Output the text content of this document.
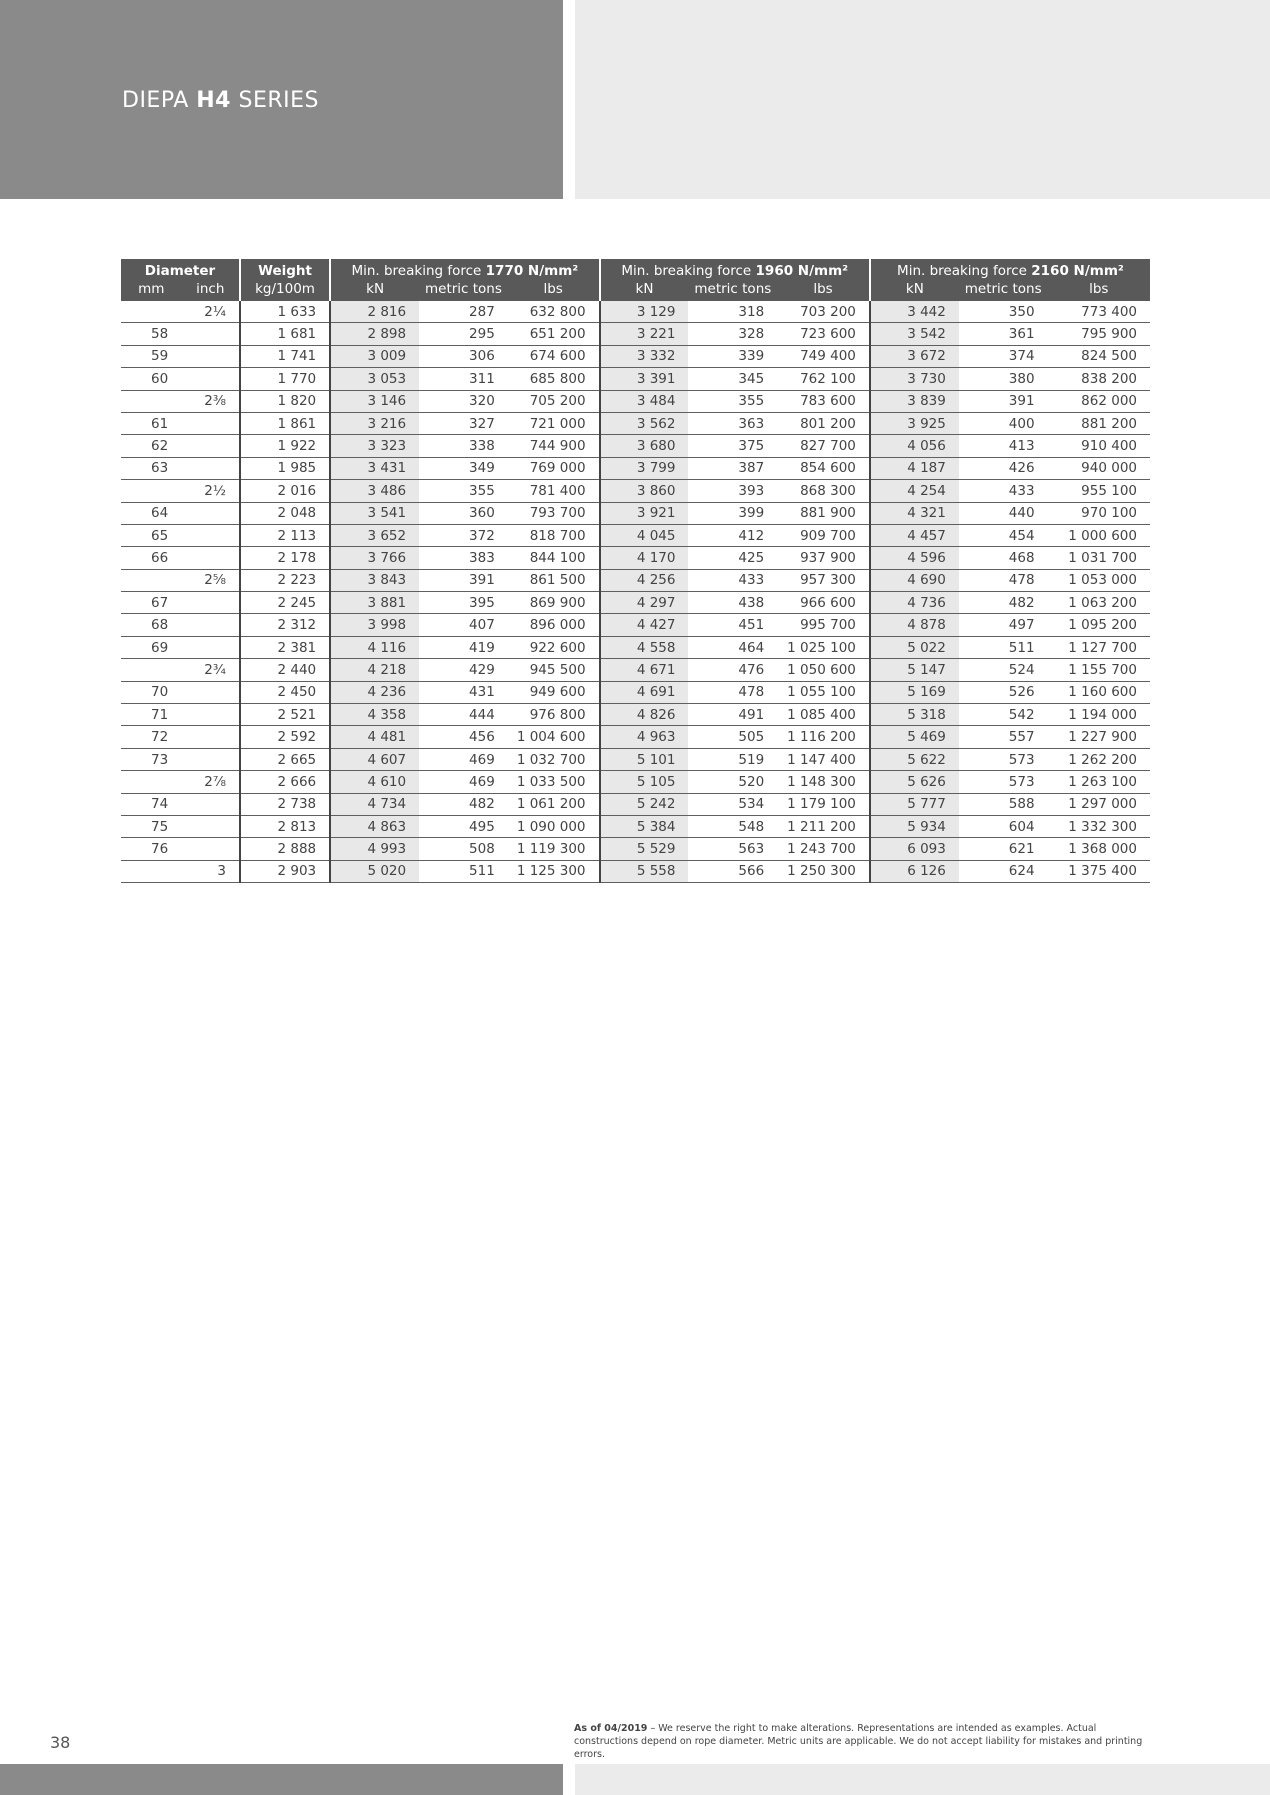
DIEPA H4 SERIES
Diameter		Weight	Min. breaking force 1770 N/mm²			Min. breaking force 1960 N/mm²			Min. breaking force 2160 N/mm²		
mm	inch	kg/100m	kN	metric tons	lbs	kN	metric tons	lbs	kN	metric tons	lbs
	2¼	1 633	2 816	287	632 800	3 129	318	703 200	3 442	350	773 400
58		1 681	2 898	295	651 200	3 221	328	723 600	3 542	361	795 900
59		1 741	3 009	306	674 600	3 332	339	749 400	3 672	374	824 500
60		1 770	3 053	311	685 800	3 391	345	762 100	3 730	380	838 200
	2⅜	1 820	3 146	320	705 200	3 484	355	783 600	3 839	391	862 000
61		1 861	3 216	327	721 000	3 562	363	801 200	3 925	400	881 200
62		1 922	3 323	338	744 900	3 680	375	827 700	4 056	413	910 400
63		1 985	3 431	349	769 000	3 799	387	854 600	4 187	426	940 000
	2½	2 016	3 486	355	781 400	3 860	393	868 300	4 254	433	955 100
64		2 048	3 541	360	793 700	3 921	399	881 900	4 321	440	970 100
65		2 113	3 652	372	818 700	4 045	412	909 700	4 457	454	1 000 600
66		2 178	3 766	383	844 100	4 170	425	937 900	4 596	468	1 031 700
	2⅝	2 223	3 843	391	861 500	4 256	433	957 300	4 690	478	1 053 000
67		2 245	3 881	395	869 900	4 297	438	966 600	4 736	482	1 063 200
68		2 312	3 998	407	896 000	4 427	451	995 700	4 878	497	1 095 200
69		2 381	4 116	419	922 600	4 558	464	1 025 100	5 022	511	1 127 700
	2¾	2 440	4 218	429	945 500	4 671	476	1 050 600	5 147	524	1 155 700
70		2 450	4 236	431	949 600	4 691	478	1 055 100	5 169	526	1 160 600
71		2 521	4 358	444	976 800	4 826	491	1 085 400	5 318	542	1 194 000
72		2 592	4 481	456	1 004 600	4 963	505	1 116 200	5 469	557	1 227 900
73		2 665	4 607	469	1 032 700	5 101	519	1 147 400	5 622	573	1 262 200
	2⅞	2 666	4 610	469	1 033 500	5 105	520	1 148 300	5 626	573	1 263 100
74		2 738	4 734	482	1 061 200	5 242	534	1 179 100	5 777	588	1 297 000
75		2 813	4 863	495	1 090 000	5 384	548	1 211 200	5 934	604	1 332 300
76		2 888	4 993	508	1 119 300	5 529	563	1 243 700	6 093	621	1 368 000
	3	2 903	5 020	511	1 125 300	5 558	566	1 250 300	6 126	624	1 375 400
38
As of 04/2019 – We reserve the right to make alterations. Representations are intended as examples. Actual constructions depend on rope diameter. Metric units are applicable. We do not accept liability for mistakes and printing errors.
